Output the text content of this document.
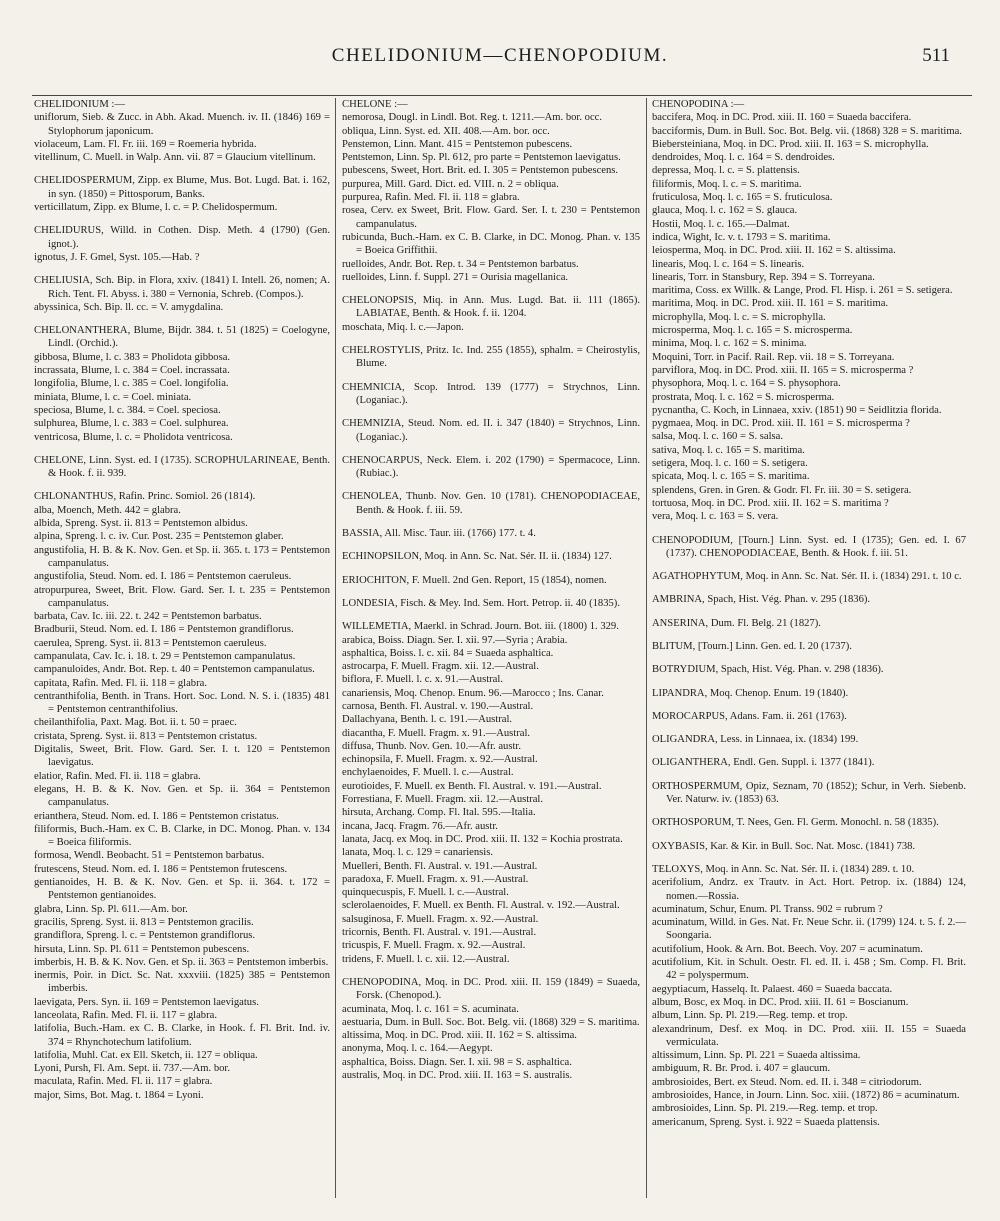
CHELIDONIUM—CHENOPODIUM.	511

CHELIDONIUM :—

uniflorum, Sieb. & Zucc. in Abh. Akad. Muench. iv. II. (1846) 169 = Stylophorum japonicum.

violaceum, Lam. Fl. Fr. iii. 169 = Roemeria hybrida.

vitellinum, C. Muell. in Walp. Ann. vii. 87 = Glaucium vitellinum.

CHELIDOSPERMUM, Zipp. ex Blume, Mus. Bot. Lugd. Bat. i. 162, in syn. (1850) = Pittosporum, Banks.

verticillatum, Zipp. ex Blume, l. c. = P. Chelidospermum.

CHELIDURUS, Willd. in Cothen. Disp. Meth. 4 (1790) (Gen. ignot.).

ignotus, J. F. Gmel, Syst. 105.—Hab. ?

CHELIUSIA, Sch. Bip. in Flora, xxiv. (1841) I. Intell. 26, nomen; A. Rich. Tent. Fl. Abyss. i. 380 = Vernonia, Schreb. (Compos.).

abyssinica, Sch. Bip. ll. cc. = V. amygdalina.

CHELONANTHERA, Blume, Bijdr. 384. t. 51 (1825) = Coelogyne, Lindl. (Orchid.).

gibbosa, Blume, l. c. 383 = Pholidota gibbosa.

incrassata, Blume, l. c. 384 = Coel. incrassata.

longifolia, Blume, l. c. 385 = Coel. longifolia.

miniata, Blume, l. c. = Coel. miniata.

speciosa, Blume, l. c. 384. = Coel. speciosa.

sulphurea, Blume, l. c. 383 = Coel. sulphurea.

ventricosa, Blume, l. c. = Pholidota ventricosa.

CHELONE, Linn. Syst. ed. I (1735). SCROPHULARINEAE, Benth. & Hook. f. ii. 939.

CHLONANTHUS, Rafin. Princ. Somiol. 26 (1814).

alba, Moench, Meth. 442 = glabra.

albida, Spreng. Syst. ii. 813 = Pentstemon albidus.

alpina, Spreng. l. c. iv. Cur. Post. 235 = Pentstemon glaber.

angustifolia, H. B. & K. Nov. Gen. et Sp. ii. 365. t. 173 = Pentstemon campanulatus.

angustifolia, Steud. Nom. ed. I. 186 = Pentstemon caeruleus.

atropurpurea, Sweet, Brit. Flow. Gard. Ser. I. t. 235 = Pentstemon campanulatus.

barbata, Cav. Ic. iii. 22. t. 242 = Pentstemon barbatus.

Bradburii, Steud. Nom. ed. I. 186 = Pentstemon grandiflorus.

caerulea, Spreng. Syst. ii. 813 = Pentstemon caeruleus.

campanulata, Cav. Ic. i. 18. t. 29 = Pentstemon campanulatus.

campanuloides, Andr. Bot. Rep. t. 40 = Pentstemon campanulatus.

capitata, Rafin. Med. Fl. ii. 118 = glabra.

centranthifolia, Benth. in Trans. Hort. Soc. Lond. N. S. i. (1835) 481 = Pentstemon centranthifolius.

cheilanthifolia, Paxt. Mag. Bot. ii. t. 50 = praec.

cristata, Spreng. Syst. ii. 813 = Pentstemon cristatus.

Digitalis, Sweet, Brit. Flow. Gard. Ser. I. t. 120 = Pentstemon laevigatus.

elatior, Rafin. Med. Fl. ii. 118 = glabra.

elegans, H. B. & K. Nov. Gen. et Sp. ii. 364 = Pentstemon campanulatus.

erianthera, Steud. Nom. ed. I. 186 = Pentstemon cristatus.

filiformis, Buch.-Ham. ex C. B. Clarke, in DC. Monog. Phan. v. 134 = Boeica filiformis.

formosa, Wendl. Beobacht. 51 = Pentstemon barbatus.

frutescens, Steud. Nom. ed. I. 186 = Pentstemon frutescens.

gentianoides, H. B. & K. Nov. Gen. et Sp. ii. 364. t. 172 = Pentstemon gentianoides.

glabra, Linn. Sp. Pl. 611.—Am. bor.

gracilis, Spreng. Syst. ii. 813 = Pentstemon gracilis.

grandiflora, Spreng. l. c. = Pentstemon grandiflorus.

hirsuta, Linn. Sp. Pl. 611 = Pentstemon pubescens.

imberbis, H. B. & K. Nov. Gen. et Sp. ii. 363 = Pentstemon imberbis.

inermis, Poir. in Dict. Sc. Nat. xxxviii. (1825) 385 = Pentstemon imberbis.

laevigata, Pers. Syn. ii. 169 = Pentstemon laevigatus.

lanceolata, Rafin. Med. Fl. ii. 117 = glabra.

latifolia, Buch.-Ham. ex C. B. Clarke, in Hook. f. Fl. Brit. Ind. iv. 374 = Rhynchotechum latifolium.

latifolia, Muhl. Cat. ex Ell. Sketch, ii. 127 = obliqua.

Lyoni, Pursh, Fl. Am. Sept. ii. 737.—Am. bor.

maculata, Rafin. Med. Fl. ii. 117 = glabra.

major, Sims, Bot. Mag. t. 1864 = Lyoni.

CHELONE :—

nemorosa, Dougl. in Lindl. Bot. Reg. t. 1211.—Am. bor. occ.

obliqua, Linn. Syst. ed. XII. 408.—Am. bor. occ.

Penstemon, Linn. Mant. 415 = Pentstemon pubescens.

Pentstemon, Linn. Sp. Pl. 612, pro parte = Pentstemon laevigatus.

pubescens, Sweet, Hort. Brit. ed. I. 305 = Pentstemon pubescens.

purpurea, Mill. Gard. Dict. ed. VIII. n. 2 = obliqua.

purpurea, Rafin. Med. Fl. ii. 118 = glabra.

rosea, Cerv. ex Sweet, Brit. Flow. Gard. Ser. I. t. 230 = Pentstemon campanulatus.

rubicunda, Buch.-Ham. ex C. B. Clarke, in DC. Monog. Phan. v. 135 = Boeica Griffithii.

ruelloides, Andr. Bot. Rep. t. 34 = Pentstemon barbatus.

ruelloides, Linn. f. Suppl. 271 = Ourisia magellanica.

CHELONOPSIS, Miq. in Ann. Mus. Lugd. Bat. ii. 111 (1865). LABIATAE, Benth. & Hook. f. ii. 1204.

moschata, Miq. l. c.—Japon.

CHELROSTYLIS, Pritz. Ic. Ind. 255 (1855), sphalm. = Cheirostylis, Blume.

CHEMNICIA, Scop. Introd. 139 (1777) = Strychnos, Linn. (Loganiac.).

CHEMNIZIA, Steud. Nom. ed. II. i. 347 (1840) = Strychnos, Linn. (Loganiac.).

CHENOCARPUS, Neck. Elem. i. 202 (1790) = Spermacoce, Linn. (Rubiac.).

CHENOLEA, Thunb. Nov. Gen. 10 (1781). CHENOPODIACEAE, Benth. & Hook. f. iii. 59.

BASSIA, All. Misc. Taur. iii. (1766) 177. t. 4.

ECHINOPSILON, Moq. in Ann. Sc. Nat. Sér. II. ii. (1834) 127.

ERIOCHITON, F. Muell. 2nd Gen. Report, 15 (1854), nomen.

LONDESIA, Fisch. & Mey. Ind. Sem. Hort. Petrop. ii. 40 (1835).

WILLEMETIA, Maerkl. in Schrad. Journ. Bot. iii. (1800) 1. 329.

arabica, Boiss. Diagn. Ser. I. xii. 97.—Syria ; Arabia.

asphaltica, Boiss. l. c. xii. 84 = Suaeda asphaltica.

astrocarpa, F. Muell. Fragm. xii. 12.—Austral.

biflora, F. Muell. l. c. x. 91.—Austral.

canariensis, Moq. Chenop. Enum. 96.—Marocco ; Ins. Canar.

carnosa, Benth. Fl. Austral. v. 190.—Austral.

Dallachyana, Benth. l. c. 191.—Austral.

diacantha, F. Muell. Fragm. x. 91.—Austral.

diffusa, Thunb. Nov. Gen. 10.—Afr. austr.

echinopsila, F. Muell. Fragm. x. 92.—Austral.

enchylaenoides, F. Muell. l. c.—Austral.

eurotioides, F. Muell. ex Benth. Fl. Austral. v. 191.—Austral.

Forrestiana, F. Muell. Fragm. xii. 12.—Austral.

hirsuta, Archang. Comp. Fl. Ital. 595.—Italia.

incana, Jacq. Fragm. 76.—Afr. austr.

lanata, Jacq. ex Moq. in DC. Prod. xiii. II. 132 = Kochia prostrata.

lanata, Moq. l. c. 129 = canariensis.

Muelleri, Benth. Fl. Austral. v. 191.—Austral.

paradoxa, F. Muell. Fragm. x. 91.—Austral.

quinquecuspis, F. Muell. l. c.—Austral.

sclerolaenoides, F. Muell. ex Benth. Fl. Austral. v. 192.—Austral.

salsuginosa, F. Muell. Fragm. x. 92.—Austral.

tricornis, Benth. Fl. Austral. v. 191.—Austral.

tricuspis, F. Muell. Fragm. x. 92.—Austral.

tridens, F. Muell. l. c. xii. 12.—Austral.

CHENOPODINA, Moq. in DC. Prod. xiii. II. 159 (1849) = Suaeda, Forsk. (Chenopod.).

acuminata, Moq. l. c. 161 = S. acuminata.

aestuaria, Dum. in Bull. Soc. Bot. Belg. vii. (1868) 329 = S. maritima.

altissima, Moq. in DC. Prod. xiii. II. 162 = S. altissima.

anonyma, Moq. l. c. 164.—Aegypt.

asphaltica, Boiss. Diagn. Ser. I. xii. 98 = S. asphaltica.

australis, Moq. in DC. Prod. xiii. II. 163 = S. australis.

CHENOPODINA :—

baccifera, Moq. in DC. Prod. xiii. II. 160 = Suaeda baccifera.

bacciformis, Dum. in Bull. Soc. Bot. Belg. vii. (1868) 328 = S. maritima.

Biebersteiniana, Moq. in DC. Prod. xiii. II. 163 = S. microphylla.

dendroides, Moq. l. c. 164 = S. dendroides.

depressa, Moq. l. c. = S. plattensis.

filiformis, Moq. l. c. = S. maritima.

fruticulosa, Moq. l. c. 165 = S. fruticulosa.

glauca, Moq. l. c. 162 = S. glauca.

Hostii, Moq. l. c. 165.—Dalmat.

indica, Wight, Ic. v. t. 1793 = S. maritima.

leiosperma, Moq. in DC. Prod. xiii. II. 162 = S. altissima.

linearis, Moq. l. c. 164 = S. linearis.

linearis, Torr. in Stansbury, Rep. 394 = S. Torreyana.

maritima, Coss. ex Willk. & Lange, Prod. Fl. Hisp. i. 261 = S. setigera.

maritima, Moq. in DC. Prod. xiii. II. 161 = S. maritima.

microphylla, Moq. l. c. = S. microphylla.

microsperma, Moq. l. c. 165 = S. microsperma.

minima, Moq. l. c. 162 = S. minima.

Moquini, Torr. in Pacif. Rail. Rep. vii. 18 = S. Torreyana.

parviflora, Moq. in DC. Prod. xiii. II. 165 = S. microsperma ?

physophora, Moq. l. c. 164 = S. physophora.

prostrata, Moq. l. c. 162 = S. microsperma.

pycnantha, C. Koch, in Linnaea, xxiv. (1851) 90 = Seidlitzia florida.

pygmaea, Moq. in DC. Prod. xiii. II. 161 = S. microsperma ?

salsa, Moq. l. c. 160 = S. salsa.

sativa, Moq. l. c. 165 = S. maritima.

setigera, Moq. l. c. 160 = S. setigera.

spicata, Moq. l. c. 165 = S. maritima.

splendens, Gren. in Gren. & Godr. Fl. Fr. iii. 30 = S. setigera.

tortuosa, Moq. in DC. Prod. xiii. II. 162 = S. maritima ?

vera, Moq. l. c. 163 = S. vera.

CHENOPODIUM, [Tourn.] Linn. Syst. ed. I (1735); Gen. ed. I. 67 (1737). CHENOPODIACEAE, Benth. & Hook. f. iii. 51.

AGATHOPHYTUM, Moq. in Ann. Sc. Nat. Sér. II. i. (1834) 291. t. 10 c.

AMBRINA, Spach, Hist. Vég. Phan. v. 295 (1836).

ANSERINA, Dum. Fl. Belg. 21 (1827).

BLITUM, [Tourn.] Linn. Gen. ed. I. 20 (1737).

BOTRYDIUM, Spach, Hist. Vég. Phan. v. 298 (1836).

LIPANDRA, Moq. Chenop. Enum. 19 (1840).

MOROCARPUS, Adans. Fam. ii. 261 (1763).

OLIGANDRA, Less. in Linnaea, ix. (1834) 199.

OLIGANTHERA, Endl. Gen. Suppl. i. 1377 (1841).

ORTHOSPERMUM, Opiz, Seznam, 70 (1852); Schur, in Verh. Siebenb. Ver. Naturw. iv. (1853) 63.

ORTHOSPORUM, T. Nees, Gen. Fl. Germ. Monochl. n. 58 (1835).

OXYBASIS, Kar. & Kir. in Bull. Soc. Nat. Mosc. (1841) 738.

TELOXYS, Moq. in Ann. Sc. Nat. Sér. II. i. (1834) 289. t. 10.

acerifolium, Andrz. ex Trautv. in Act. Hort. Petrop. ix. (1884) 124, nomen.—Rossia.

acuminatum, Schur, Enum. Pl. Transs. 902 = rubrum ?

acuminatum, Willd. in Ges. Nat. Fr. Neue Schr. ii. (1799) 124. t. 5. f. 2.—Soongaria.

acutifolium, Hook. & Arn. Bot. Beech. Voy. 207 = acuminatum.

acutifolium, Kit. in Schult. Oestr. Fl. ed. II. i. 458 ; Sm. Comp. Fl. Brit. 42 = polyspermum.

aegyptiacum, Hasselq. It. Palaest. 460 = Suaeda baccata.

album, Bosc, ex Moq. in DC. Prod. xiii. II. 61 = Boscianum.

album, Linn. Sp. Pl. 219.—Reg. temp. et trop.

alexandrinum, Desf. ex Moq. in DC. Prod. xiii. II. 155 = Suaeda vermiculata.

altissimum, Linn. Sp. Pl. 221 = Suaeda altissima.

ambiguum, R. Br. Prod. i. 407 = glaucum.

ambrosioides, Bert. ex Steud. Nom. ed. II. i. 348 = citriodorum.

ambrosioides, Hance, in Journ. Linn. Soc. xiii. (1872) 86 = acuminatum.

ambrosioides, Linn. Sp. Pl. 219.—Reg. temp. et trop.

americanum, Spreng. Syst. i. 922 = Suaeda plattensis.
